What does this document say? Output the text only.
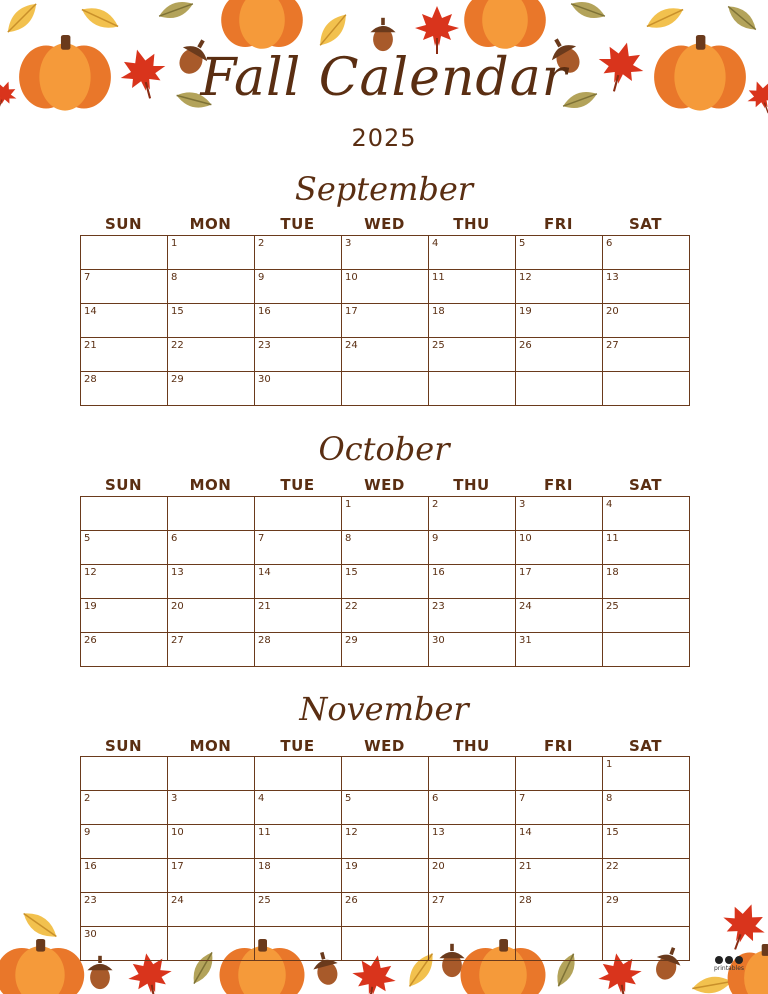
Fall Calendar
2025
September
SUN	MON	TUE	WED	THU	FRI	SAT
	1	2	3	4	5	6
7	8	9	10	11	12	13
14	15	16	17	18	19	20
21	22	23	24	25	26	27
28	29	30				
October
SUN	MON	TUE	WED	THU	FRI	SAT
			1	2	3	4
5	6	7	8	9	10	11
12	13	14	15	16	17	18
19	20	21	22	23	24	25
26	27	28	29	30	31	
November
SUN	MON	TUE	WED	THU	FRI	SAT
						1
2	3	4	5	6	7	8
9	10	11	12	13	14	15
16	17	18	19	20	21	22
23	24	25	26	27	28	29
30						
printables
